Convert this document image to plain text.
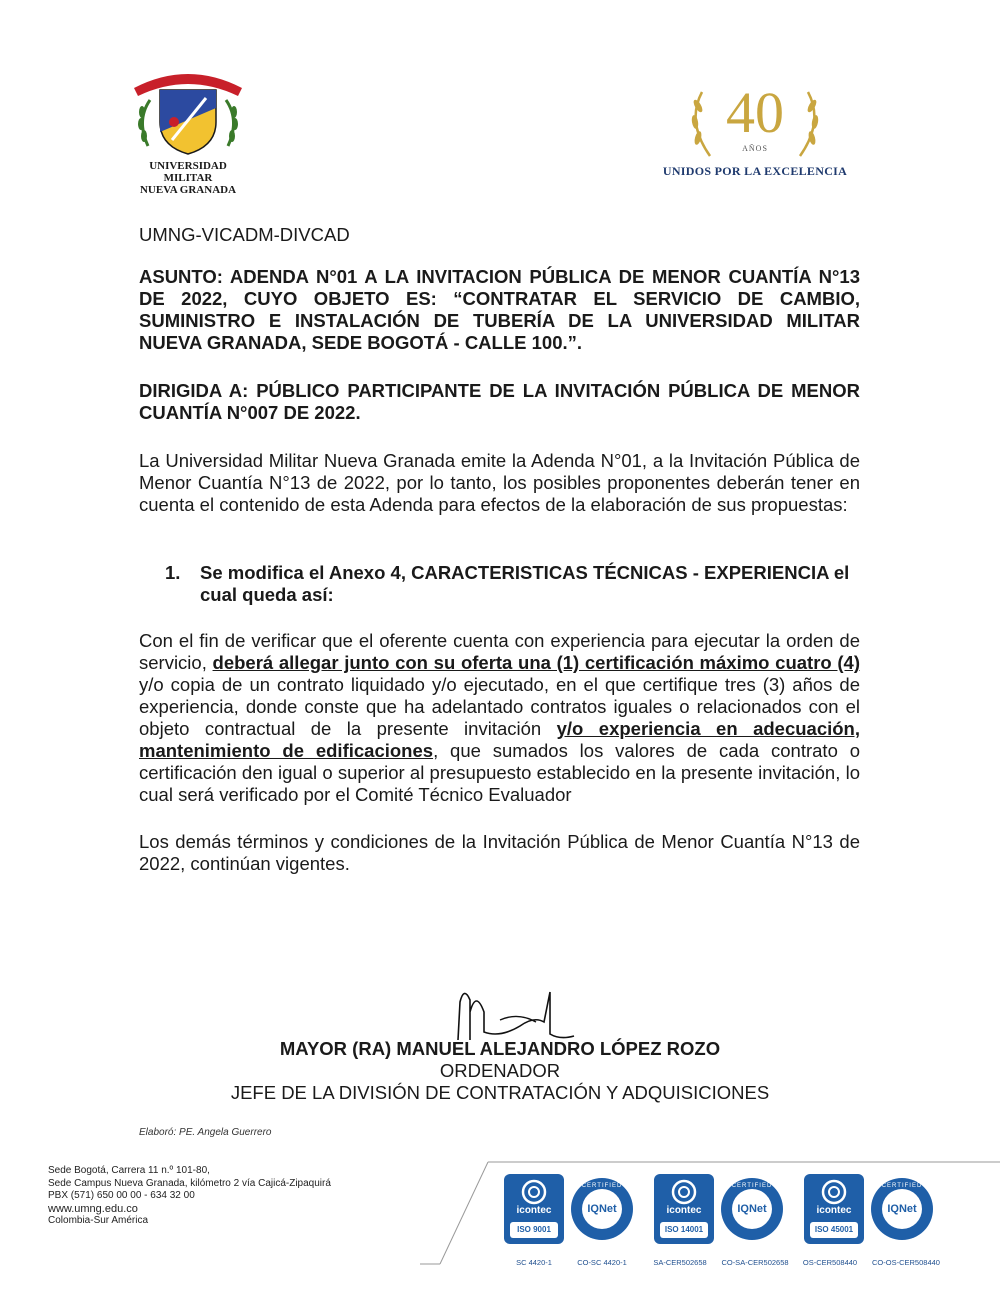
UNIVERSIDAD MILITAR
NUEVA GRANADA
40
AÑOS
UNIDOS POR LA EXCELENCIA
UMNG-VICADM-DIVCAD
ASUNTO: ADENDA N°01 A LA INVITACION PÚBLICA DE MENOR CUANTÍA N°13 DE 2022, CUYO OBJETO ES: “CONTRATAR EL SERVICIO DE CAMBIO, SUMINISTRO E INSTALACIÓN DE TUBERÍA DE LA UNIVERSIDAD MILITAR NUEVA GRANADA, SEDE BOGOTÁ - CALLE 100.”.
DIRIGIDA A: PÚBLICO PARTICIPANTE DE LA INVITACIÓN PÚBLICA DE MENOR CUANTÍA N°007 DE 2022.
La Universidad Militar Nueva Granada emite la Adenda N°01, a la Invitación Pública de Menor Cuantía N°13 de 2022, por lo tanto, los posibles proponentes deberán tener en cuenta el contenido de esta Adenda para efectos de la elaboración de sus propuestas:
1.	Se modifica el Anexo 4, CARACTERISTICAS TÉCNICAS - EXPERIENCIA el cual queda así:
Con el fin de verificar que el oferente cuenta con experiencia para ejecutar la orden de servicio, deberá allegar junto con su oferta una (1) certificación máximo cuatro (4) y/o copia de un contrato liquidado y/o ejecutado, en el que certifique tres (3) años de experiencia, donde conste que ha adelantado contratos iguales o relacionados con el objeto contractual de la presente invitación y/o experiencia en adecuación, mantenimiento de edificaciones, que sumados los valores de cada contrato o certificación den igual o superior al presupuesto establecido en la presente invitación, lo cual será verificado por el Comité Técnico Evaluador
Los demás términos y condiciones de la Invitación Pública de Menor Cuantía N°13 de 2022, continúan vigentes.
MAYOR (RA) MANUEL ALEJANDRO LÓPEZ ROZO
ORDENADOR
JEFE DE LA DIVISIÓN DE CONTRATACIÓN Y ADQUISICIONES
Elaboró: PE. Angela Guerrero
Sede Bogotá, Carrera 11 n.º 101-80,
Sede Campus Nueva Granada, kilómetro 2 vía Cajicá-Zipaquirá
PBX (571) 650 00 00 - 634 32 00
www.umng.edu.co
Colombia-Sur América
icontec
ISO 9001
CERTIFIED
IQNet	icontec
ISO 14001
CERTIFIED
IQNet	icontec
ISO 45001
CERTIFIED
IQNet
SC 4420-1	CO-SC 4420-1	SA-CER502658	CO-SA-CER502658	OS-CER508440	CO-OS-CER508440
